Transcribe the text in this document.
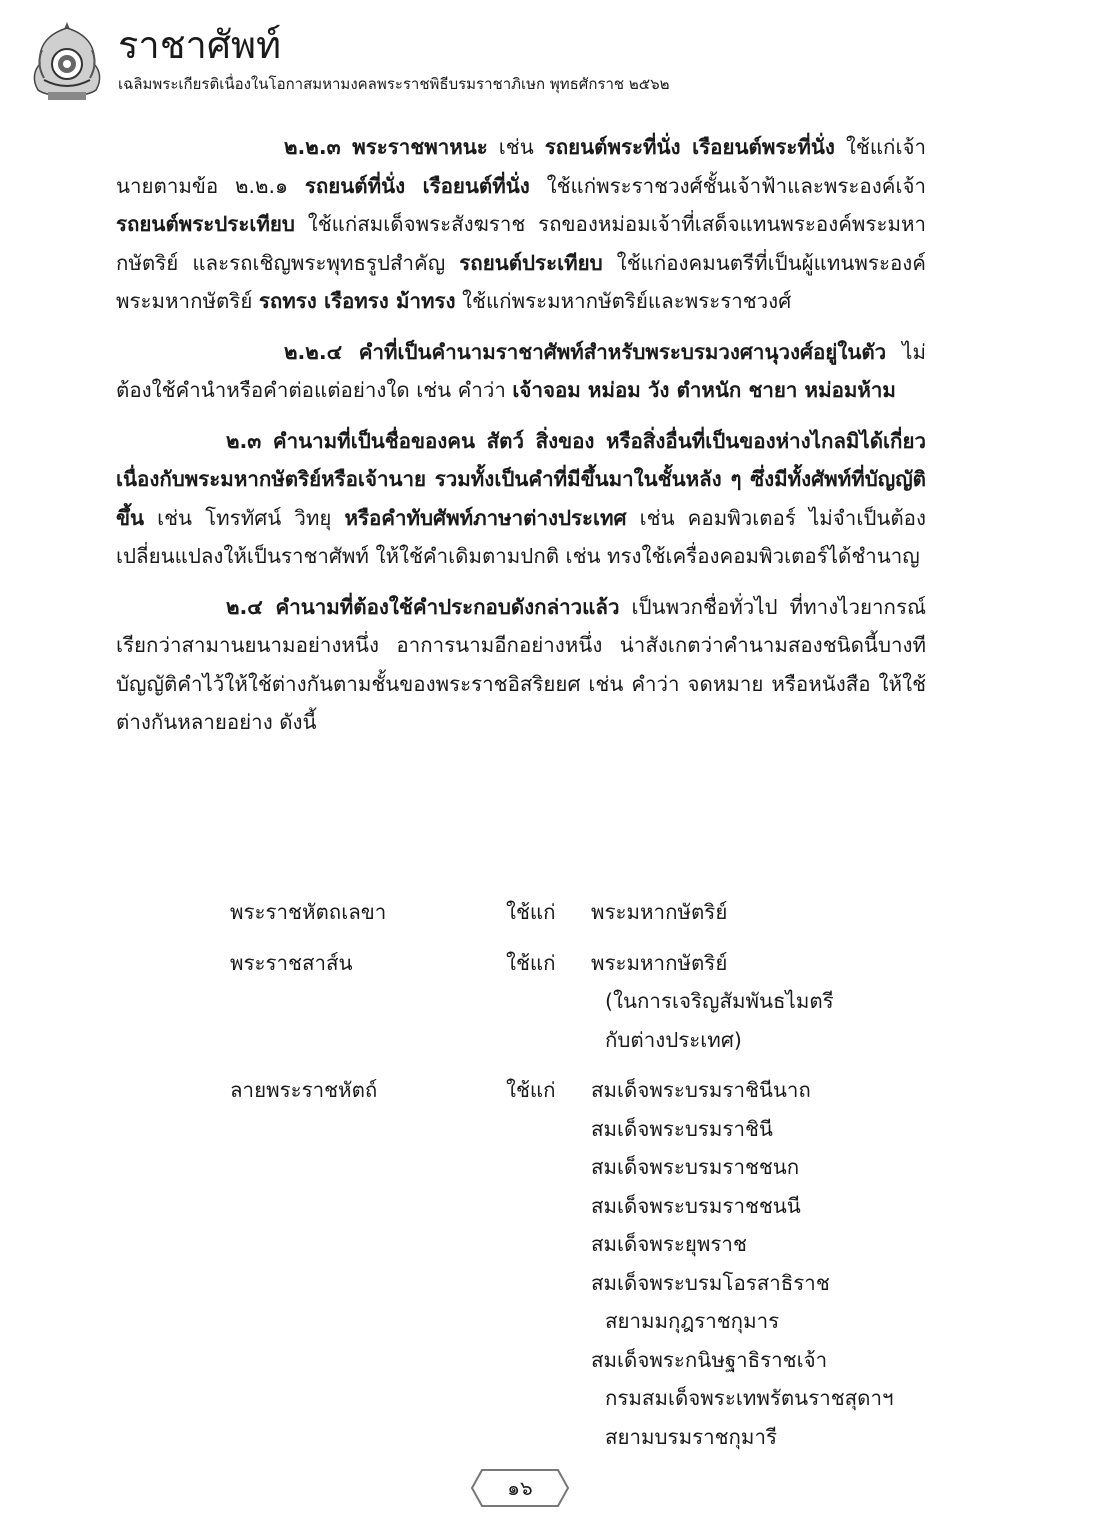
ราชาศัพท์
เฉลิมพระเกียรติเนื่องในโอกาสมหามงคลพระราชพิธีบรมราชาภิเษก พุทธศักราช ๒๕๖๒

๒.๒.๓ พระราชพาหนะ เช่น รถยนต์พระที่นั่ง เรือยนต์พระที่นั่ง ใช้แก่เจ้านายตามข้อ ๒.๒.๑ รถยนต์ที่นั่ง เรือยนต์ที่นั่ง ใช้แก่พระราชวงศ์ชั้นเจ้าฟ้าและพระองค์เจ้า รถยนต์พระประเทียบ ใช้แก่สมเด็จพระสังฆราช รถของหม่อมเจ้าที่เสด็จแทนพระองค์พระมหากษัตริย์ และรถเชิญพระพุทธรูปสำคัญ รถยนต์ประเทียบ ใช้แก่องคมนตรีที่เป็นผู้แทนพระองค์พระมหากษัตริย์ รถทรง เรือทรง ม้าทรง ใช้แก่พระมหากษัตริย์และพระราชวงศ์

๒.๒.๔ คำที่เป็นคำนามราชาศัพท์สำหรับพระบรมวงศานุวงศ์อยู่ในตัว ไม่ต้องใช้คำนำหรือคำต่อแต่อย่างใด เช่น คำว่า เจ้าจอม หม่อม วัง ตำหนัก ชายา หม่อมห้าม

๒.๓ คำนามที่เป็นชื่อของคน สัตว์ สิ่งของ หรือสิ่งอื่นที่เป็นของห่างไกลมิได้เกี่ยวเนื่องกับพระมหากษัตริย์หรือเจ้านาย รวมทั้งเป็นคำที่มีขึ้นมาในชั้นหลัง ๆ ซึ่งมีทั้งศัพท์ที่บัญญัติขึ้น เช่น โทรทัศน์ วิทยุ หรือคำทับศัพท์ภาษาต่างประเทศ เช่น คอมพิวเตอร์ ไม่จำเป็นต้องเปลี่ยนแปลงให้เป็นราชาศัพท์ ให้ใช้คำเดิมตามปกติ เช่น ทรงใช้เครื่องคอมพิวเตอร์ได้ชำนาญ

๒.๔ คำนามที่ต้องใช้คำประกอบดังกล่าวแล้ว เป็นพวกชื่อทั่วไป ที่ทางไวยากรณ์เรียกว่าสามานยนามอย่างหนึ่ง อาการนามอีกอย่างหนึ่ง น่าสังเกตว่าคำนามสองชนิดนี้บางทีบัญญัติคำไว้ให้ใช้ต่างกันตามชั้นของพระราชอิสริยยศ เช่น คำว่า จดหมาย หรือหนังสือ ให้ใช้ต่างกันหลายอย่าง ดังนี้

พระราชหัตถเลขา	ใช้แก่ พระมหากษัตริย์
พระราชสาส์น	ใช้แก่ พระมหากษัตริย์
(ในการเจริญสัมพันธไมตรี
กับต่างประเทศ)
ลายพระราชหัตถ์	ใช้แก่ สมเด็จพระบรมราชินีนาถ
สมเด็จพระบรมราชินี
สมเด็จพระบรมราชชนก
สมเด็จพระบรมราชชนนี
สมเด็จพระยุพราช
สมเด็จพระบรมโอรสาธิราช
สยามมกุฎราชกุมาร
สมเด็จพระกนิษฐาธิราชเจ้า
กรมสมเด็จพระเทพรัตนราชสุดาฯ
สยามบรมราชกุมารี
๑๖
